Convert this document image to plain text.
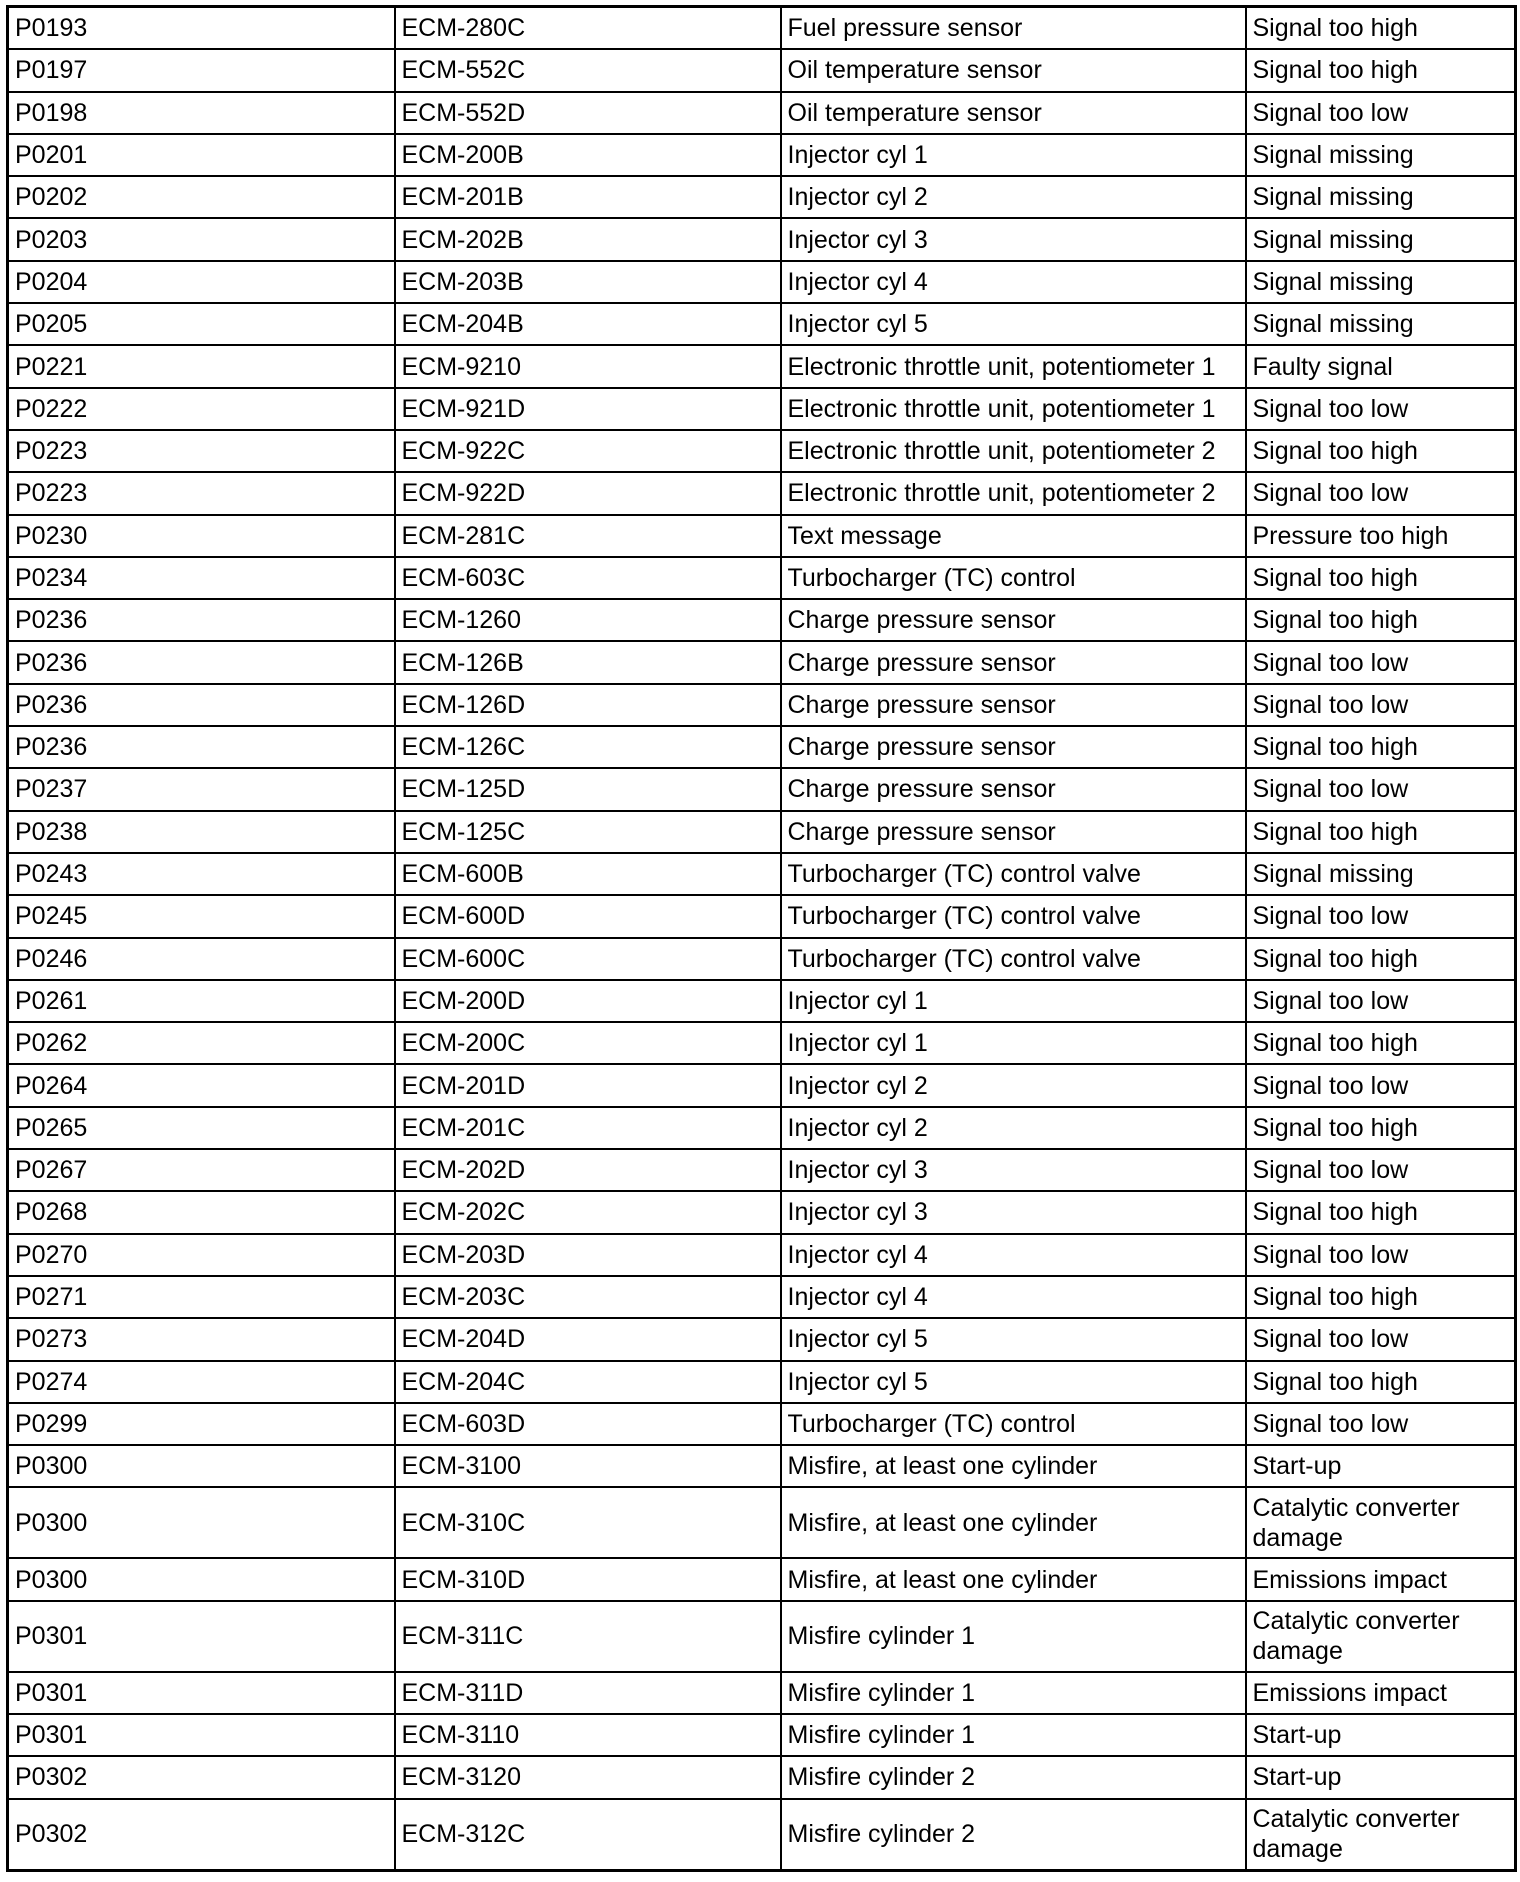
P0193	ECM-280C	Fuel pressure sensor	Signal too high
P0197	ECM-552C	Oil temperature sensor	Signal too high
P0198	ECM-552D	Oil temperature sensor	Signal too low
P0201	ECM-200B	Injector cyl 1	Signal missing
P0202	ECM-201B	Injector cyl 2	Signal missing
P0203	ECM-202B	Injector cyl 3	Signal missing
P0204	ECM-203B	Injector cyl 4	Signal missing
P0205	ECM-204B	Injector cyl 5	Signal missing
P0221	ECM-9210	Electronic throttle unit, potentiometer 1	Faulty signal
P0222	ECM-921D	Electronic throttle unit, potentiometer 1	Signal too low
P0223	ECM-922C	Electronic throttle unit, potentiometer 2	Signal too high
P0223	ECM-922D	Electronic throttle unit, potentiometer 2	Signal too low
P0230	ECM-281C	Text message	Pressure too high
P0234	ECM-603C	Turbocharger (TC) control	Signal too high
P0236	ECM-1260	Charge pressure sensor	Signal too high
P0236	ECM-126B	Charge pressure sensor	Signal too low
P0236	ECM-126D	Charge pressure sensor	Signal too low
P0236	ECM-126C	Charge pressure sensor	Signal too high
P0237	ECM-125D	Charge pressure sensor	Signal too low
P0238	ECM-125C	Charge pressure sensor	Signal too high
P0243	ECM-600B	Turbocharger (TC) control valve	Signal missing
P0245	ECM-600D	Turbocharger (TC) control valve	Signal too low
P0246	ECM-600C	Turbocharger (TC) control valve	Signal too high
P0261	ECM-200D	Injector cyl 1	Signal too low
P0262	ECM-200C	Injector cyl 1	Signal too high
P0264	ECM-201D	Injector cyl 2	Signal too low
P0265	ECM-201C	Injector cyl 2	Signal too high
P0267	ECM-202D	Injector cyl 3	Signal too low
P0268	ECM-202C	Injector cyl 3	Signal too high
P0270	ECM-203D	Injector cyl 4	Signal too low
P0271	ECM-203C	Injector cyl 4	Signal too high
P0273	ECM-204D	Injector cyl 5	Signal too low
P0274	ECM-204C	Injector cyl 5	Signal too high
P0299	ECM-603D	Turbocharger (TC) control	Signal too low
P0300	ECM-3100	Misfire, at least one cylinder	Start-up
P0300	ECM-310C	Misfire, at least one cylinder	Catalytic converter damage
P0300	ECM-310D	Misfire, at least one cylinder	Emissions impact
P0301	ECM-311C	Misfire cylinder 1	Catalytic converter damage
P0301	ECM-311D	Misfire cylinder 1	Emissions impact
P0301	ECM-3110	Misfire cylinder 1	Start-up
P0302	ECM-3120	Misfire cylinder 2	Start-up
P0302	ECM-312C	Misfire cylinder 2	Catalytic converter damage
